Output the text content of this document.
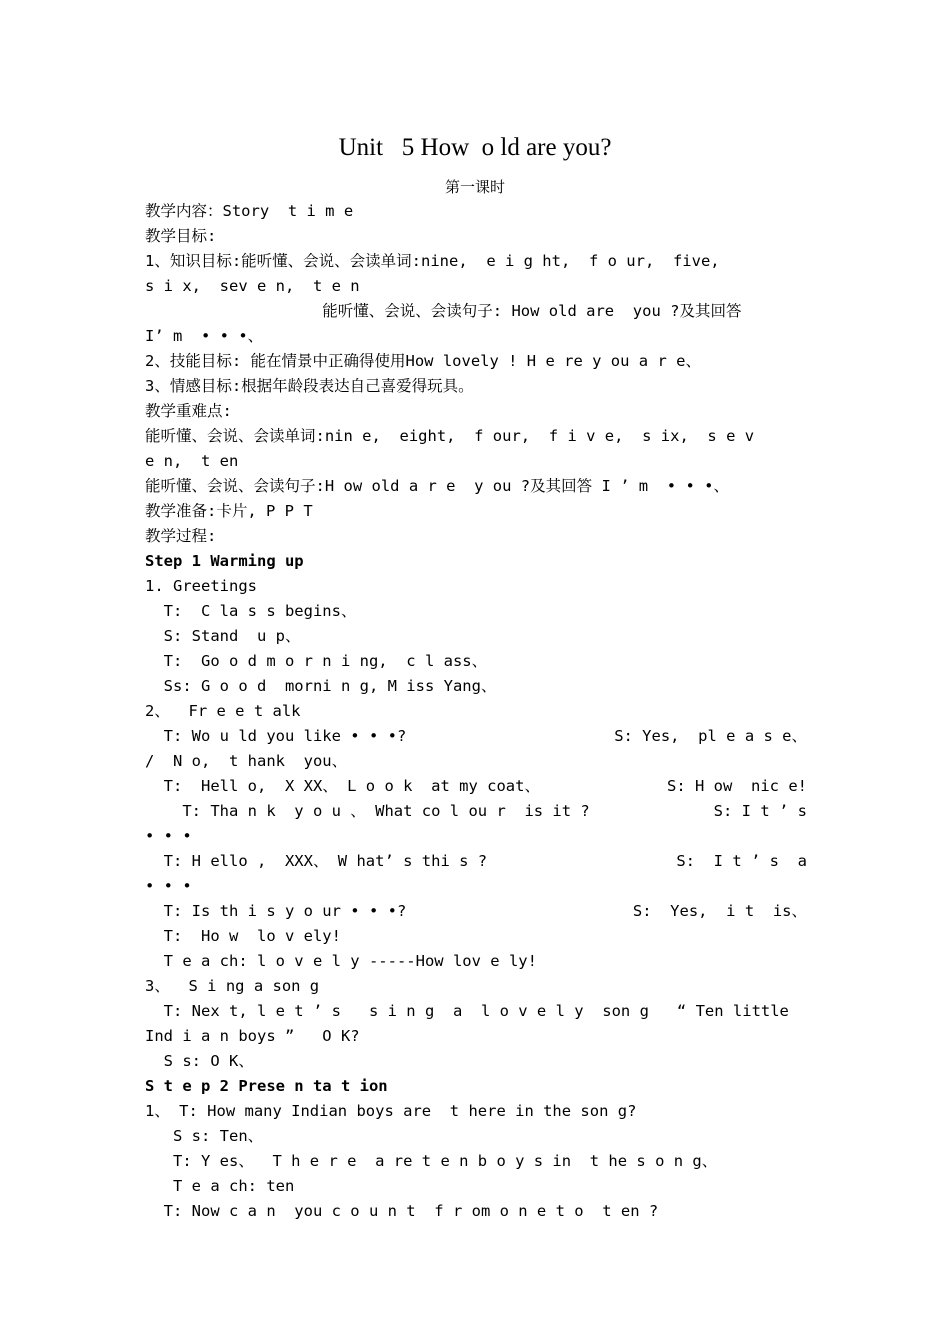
Unit   5 How  o ld are you?
第一课时
教学内容：Story  t i m e
教学目标:
1、知识目标:能听懂、会说、会读单词:nine,  e i g ht,  f o ur,  five,
s i x,  sev e n,  t e n
能听懂、会说、会读句子: How old are  you ?及其回答
I’ m  • • •、
2、技能目标: 能在情景中正确得使用How lovely ! H e re y ou a r e、
3、情感目标:根据年龄段表达自己喜爱得玩具。
教学重难点:
能听懂、会说、会读单词:nin e,  eight,  f our,  f i v e,  s ix,  s e v
e n,  t en
能听懂、会说、会读句子:H ow old a r e  y ou ?及其回答 I ’ m  • • •、
教学准备:卡片, P P T
教学过程:
Step 1 Warming up
1. Greetings
T:  C la s s begins、
S: Stand  u p、
T:  Go o d m o r n i ng,  c l ass、
Ss: G o o d  morni n g, M iss Yang、
2、  Fr e e t alk
T: Wo u ld you like • • •?	S: Yes,  pl e a s e、
/  N o,  t hank  you、
T:  Hell o,  X XX、 L o o k  at my coat、	S: H ow  nic e!
T: Tha n k  y o u 、 What co l ou r  is it ?	S: I t ’ s
• • •
T: H ello ,  XXX、 W hat’ s thi s ?	S:  I t ’ s  a
• • •
T: Is th i s y o ur • • •?	S:  Yes,  i t  is、
T:  Ho w  lo v ely!
T e a ch: l o v e l y -----How lov e ly!
3、  S i ng a son g
T: Nex t, l e t ’ s   s i n g  a  l o v e l y  son g   “ Ten little
Ind i a n boys ”   O K?
S s: O K、
S t e p 2 Prese n ta t ion
1、 T: How many Indian boys are  t here in the son g?
S s: Ten、
T: Y es、  T h e r e  a re t e n b o y s in  t he s o n g、
T e a ch: ten
T: Now c a n  you c o u n t  f r om o n e t o  t en ?
